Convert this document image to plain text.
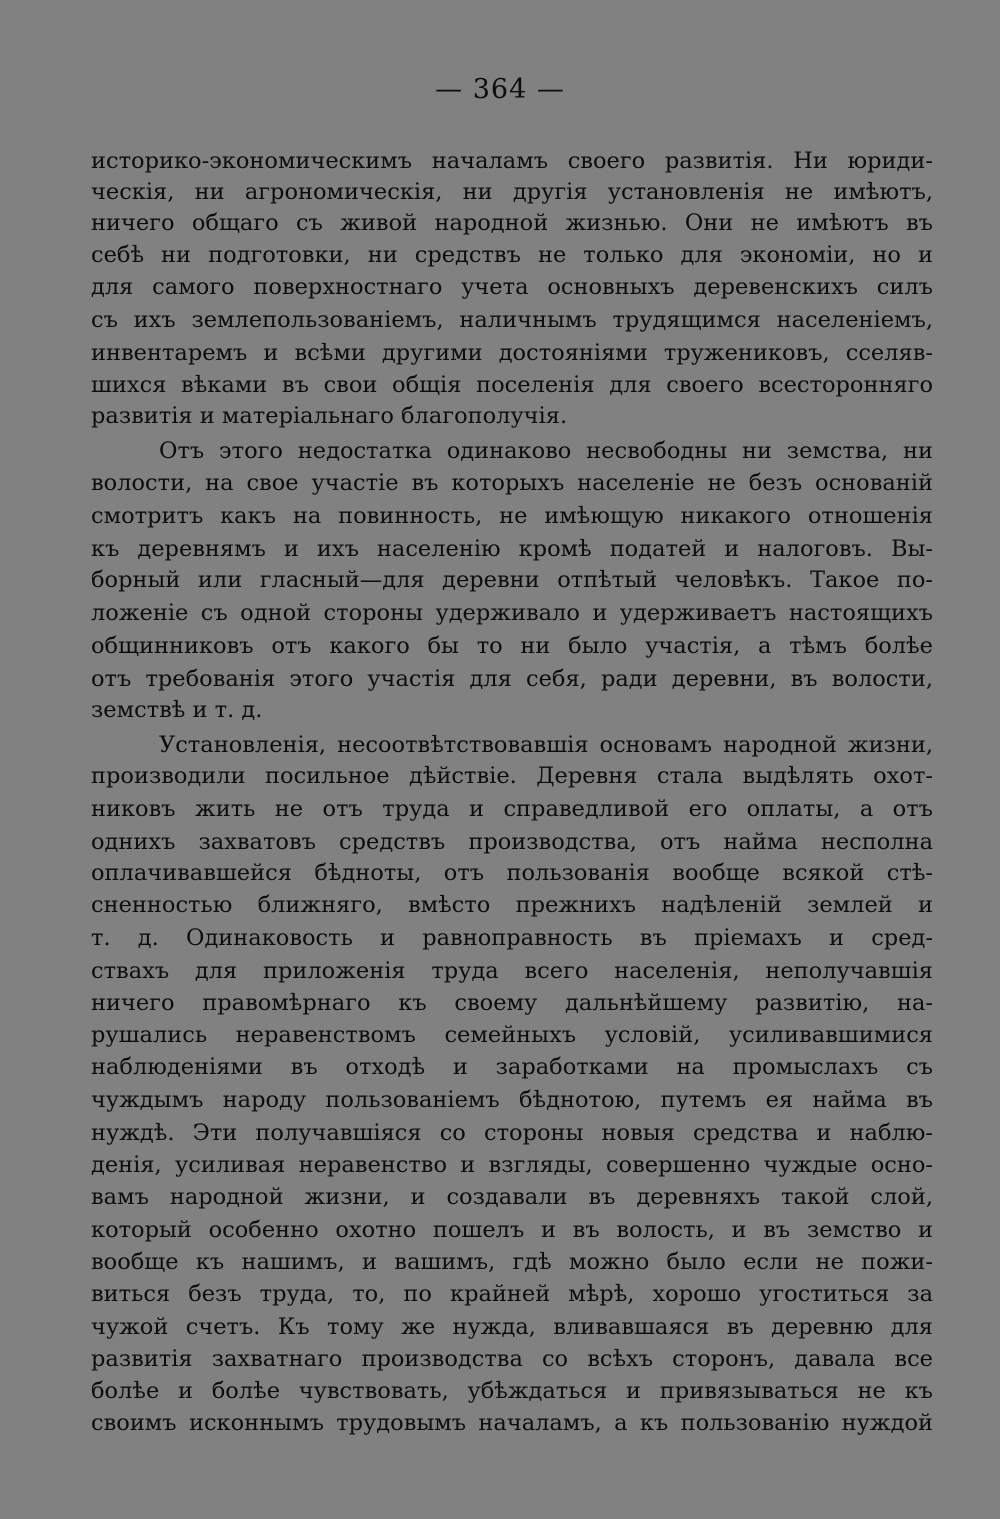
— 364 —
историко-экономическимъ началамъ своего развитія. Ни юриди-
ческія, ни агрономическія, ни другія установленія не имѣютъ,
ничего общаго съ живой народной жизнью. Они не имѣютъ въ
себѣ ни подготовки, ни средствъ не только для экономіи, но и
для самого поверхностнаго учета основныхъ деревенскихъ силъ
съ ихъ землепользованіемъ, наличнымъ трудящимся населеніемъ,
инвентаремъ и всѣми другими достояніями тружениковъ, сселяв-
шихся вѣками въ свои общія поселенія для своего всесторонняго
развитія и матеріальнаго благополучія.
Отъ этого недостатка одинаково несвободны ни земства, ни
волости, на свое участіе въ которыхъ населеніе не безъ основаній
смотритъ какъ на повинность, не имѣющую никакого отношенія
къ деревнямъ и ихъ населенію кромѣ податей и налоговъ. Вы-
борный или гласный—для деревни отпѣтый человѣкъ. Такое по-
ложеніе съ одной стороны удерживало и удерживаетъ настоящихъ
общинниковъ отъ какого бы то ни было участія, а тѣмъ болѣе
отъ требованія этого участія для себя, ради деревни, въ волости,
земствѣ и т. д.
Установленія, несоотвѣтствовавшія основамъ народной жизни,
производили посильное дѣйствіе. Деревня стала выдѣлять охот-
никовъ жить не отъ труда и справедливой его оплаты, а отъ
однихъ захватовъ средствъ производства, отъ найма несполна
оплачивавшейся бѣдноты, отъ пользованія вообще всякой стѣ-
сненностью ближняго, вмѣсто прежнихъ надѣленій землей и
т. д. Одинаковость и равноправность въ пріемахъ и сред-
ствахъ для приложенія труда всего населенія, неполучавшія
ничего правомѣрнаго къ своему дальнѣйшему развитію, на-
рушались неравенствомъ семейныхъ условій, усиливавшимися
наблюденіями въ отходѣ и заработками на промыслахъ съ
чуждымъ народу пользованіемъ бѣднотою, путемъ ея найма въ
нуждѣ. Эти получавшіяся со стороны новыя средства и наблю-
денія, усиливая неравенство и взгляды, совершенно чуждые осно-
вамъ народной жизни, и создавали въ деревняхъ такой слой,
который особенно охотно пошелъ и въ волость, и въ земство и
вообще къ нашимъ, и вашимъ, гдѣ можно было если не пожи-
виться безъ труда, то, по крайней мѣрѣ, хорошо угоститься за
чужой счетъ. Къ тому же нужда, вливавшаяся въ деревню для
развитія захватнаго производства со всѣхъ сторонъ, давала все
болѣе и болѣе чувствовать, убѣждаться и привязываться не къ
своимъ исконнымъ трудовымъ началамъ, а къ пользованію нуждой
